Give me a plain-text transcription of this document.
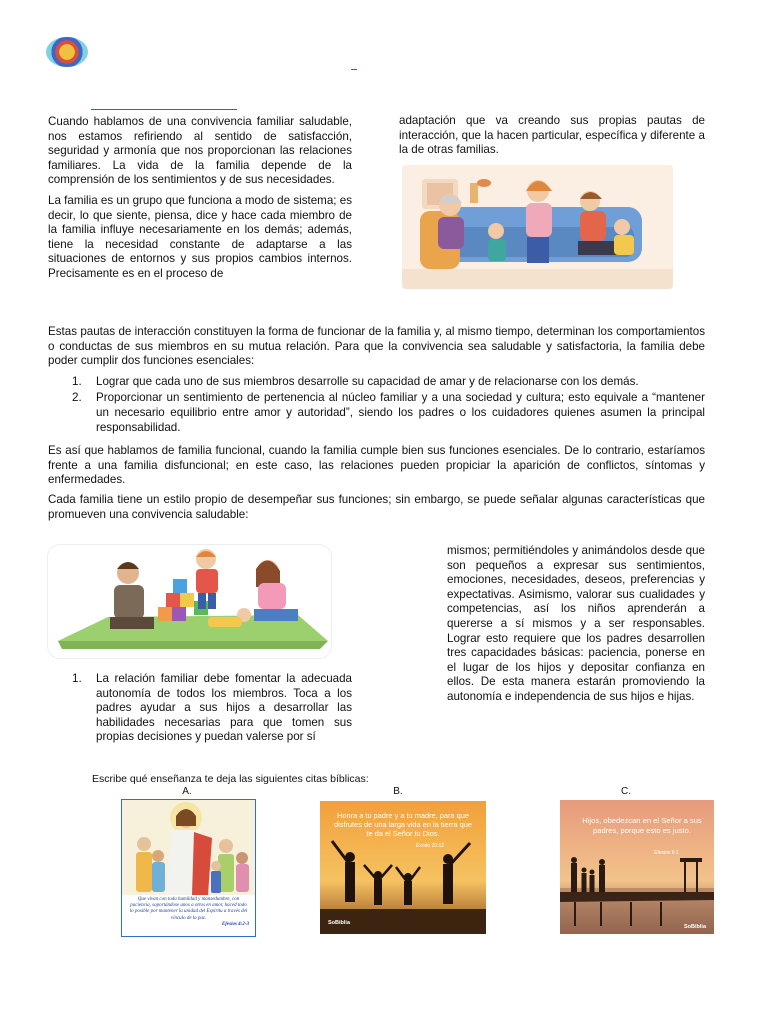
Cuando hablamos de una convivencia familiar saludable, nos estamos refiriendo al sentido de satisfacción, seguridad y armonía que nos proporcionan las relaciones familiares. La vida de la familia depende de la comprensión de los sentimientos y de sus necesidades.

La familia es un grupo que funciona a modo de sistema; es decir, lo que siente, piensa, dice y hace cada miembro de la familia influye necesariamente en los demás; además, tiene la necesidad constante de adaptarse a las situaciones de entornos y sus propios cambios internos. Precisamente es en el proceso de

adaptación que va creando sus propias pautas de interacción, que la hacen particular, específica y diferente a la de otras familias.

Estas pautas de interacción constituyen la forma de funcionar de la familia y, al mismo tiempo, determinan los comportamientos o conductas de sus miembros en su mutua relación. Para que la convivencia sea saludable y satisfactoria, la familia debe poder cumplir dos funciones esenciales:

1. Lograr que cada uno de sus miembros desarrolle su capacidad de amar y de relacionarse con los demás.
2. Proporcionar un sentimiento de pertenencia al núcleo familiar y a una sociedad y cultura; esto equivale a “mantener un necesario equilibrio entre amor y autoridad”, siendo los padres o los cuidadores quienes asumen la principal responsabilidad.

Es así que hablamos de familia funcional, cuando la familia cumple bien sus funciones esenciales. De lo contrario, estaríamos frente a una familia disfuncional; en este caso, las relaciones pueden propiciar la aparición de conflictos, síntomas y enfermedades.

Cada familia tiene un estilo propio de desempeñar sus funciones; sin embargo, se puede señalar algunas características que promueven una convivencia saludable:

1. La relación familiar debe fomentar la adecuada autonomía de todos los miembros. Toca a los padres ayudar a sus hijos a desarrollar las habilidades necesarias para que tomen sus propias decisiones y puedan valerse por sí

mismos; permitiéndoles y animándolos desde que son pequeños a expresar sus sentimientos, emociones, necesidades, deseos, preferencias y expectativas. Asimismo, valorar sus cualidades y competencias, así los niños aprenderán a quererse a sí mismos y a ser responsables. Lograr esto requiere que los padres desarrollen tres capacidades básicas: paciencia, ponerse en el lugar de los hijos y depositar confianza en ellos. De esta manera estarán promoviendo la autonomía e independencia de sus hijos e hijas.

Escribe qué enseñanza te deja las siguientes citas bíblicas:
A.	B.	C.
Que vivan con toda humildad y mansedumbre, con paciencia, soportándose unos a otros en amor, haced todo lo posible por mantener la unidad del Espíritu a través del vínculo de la paz.
Efesios 4:2-3
Honra a tu padre y a tu madre, para que disfrutes de una larga vida en la tierra que te da el Señor tu Dios.
Éxodo 20:12
SoBiblia
Hijos, obedezcan en el Señor a sus padres, porque esto es justo.
Efesios 6:1
SoBiblia
